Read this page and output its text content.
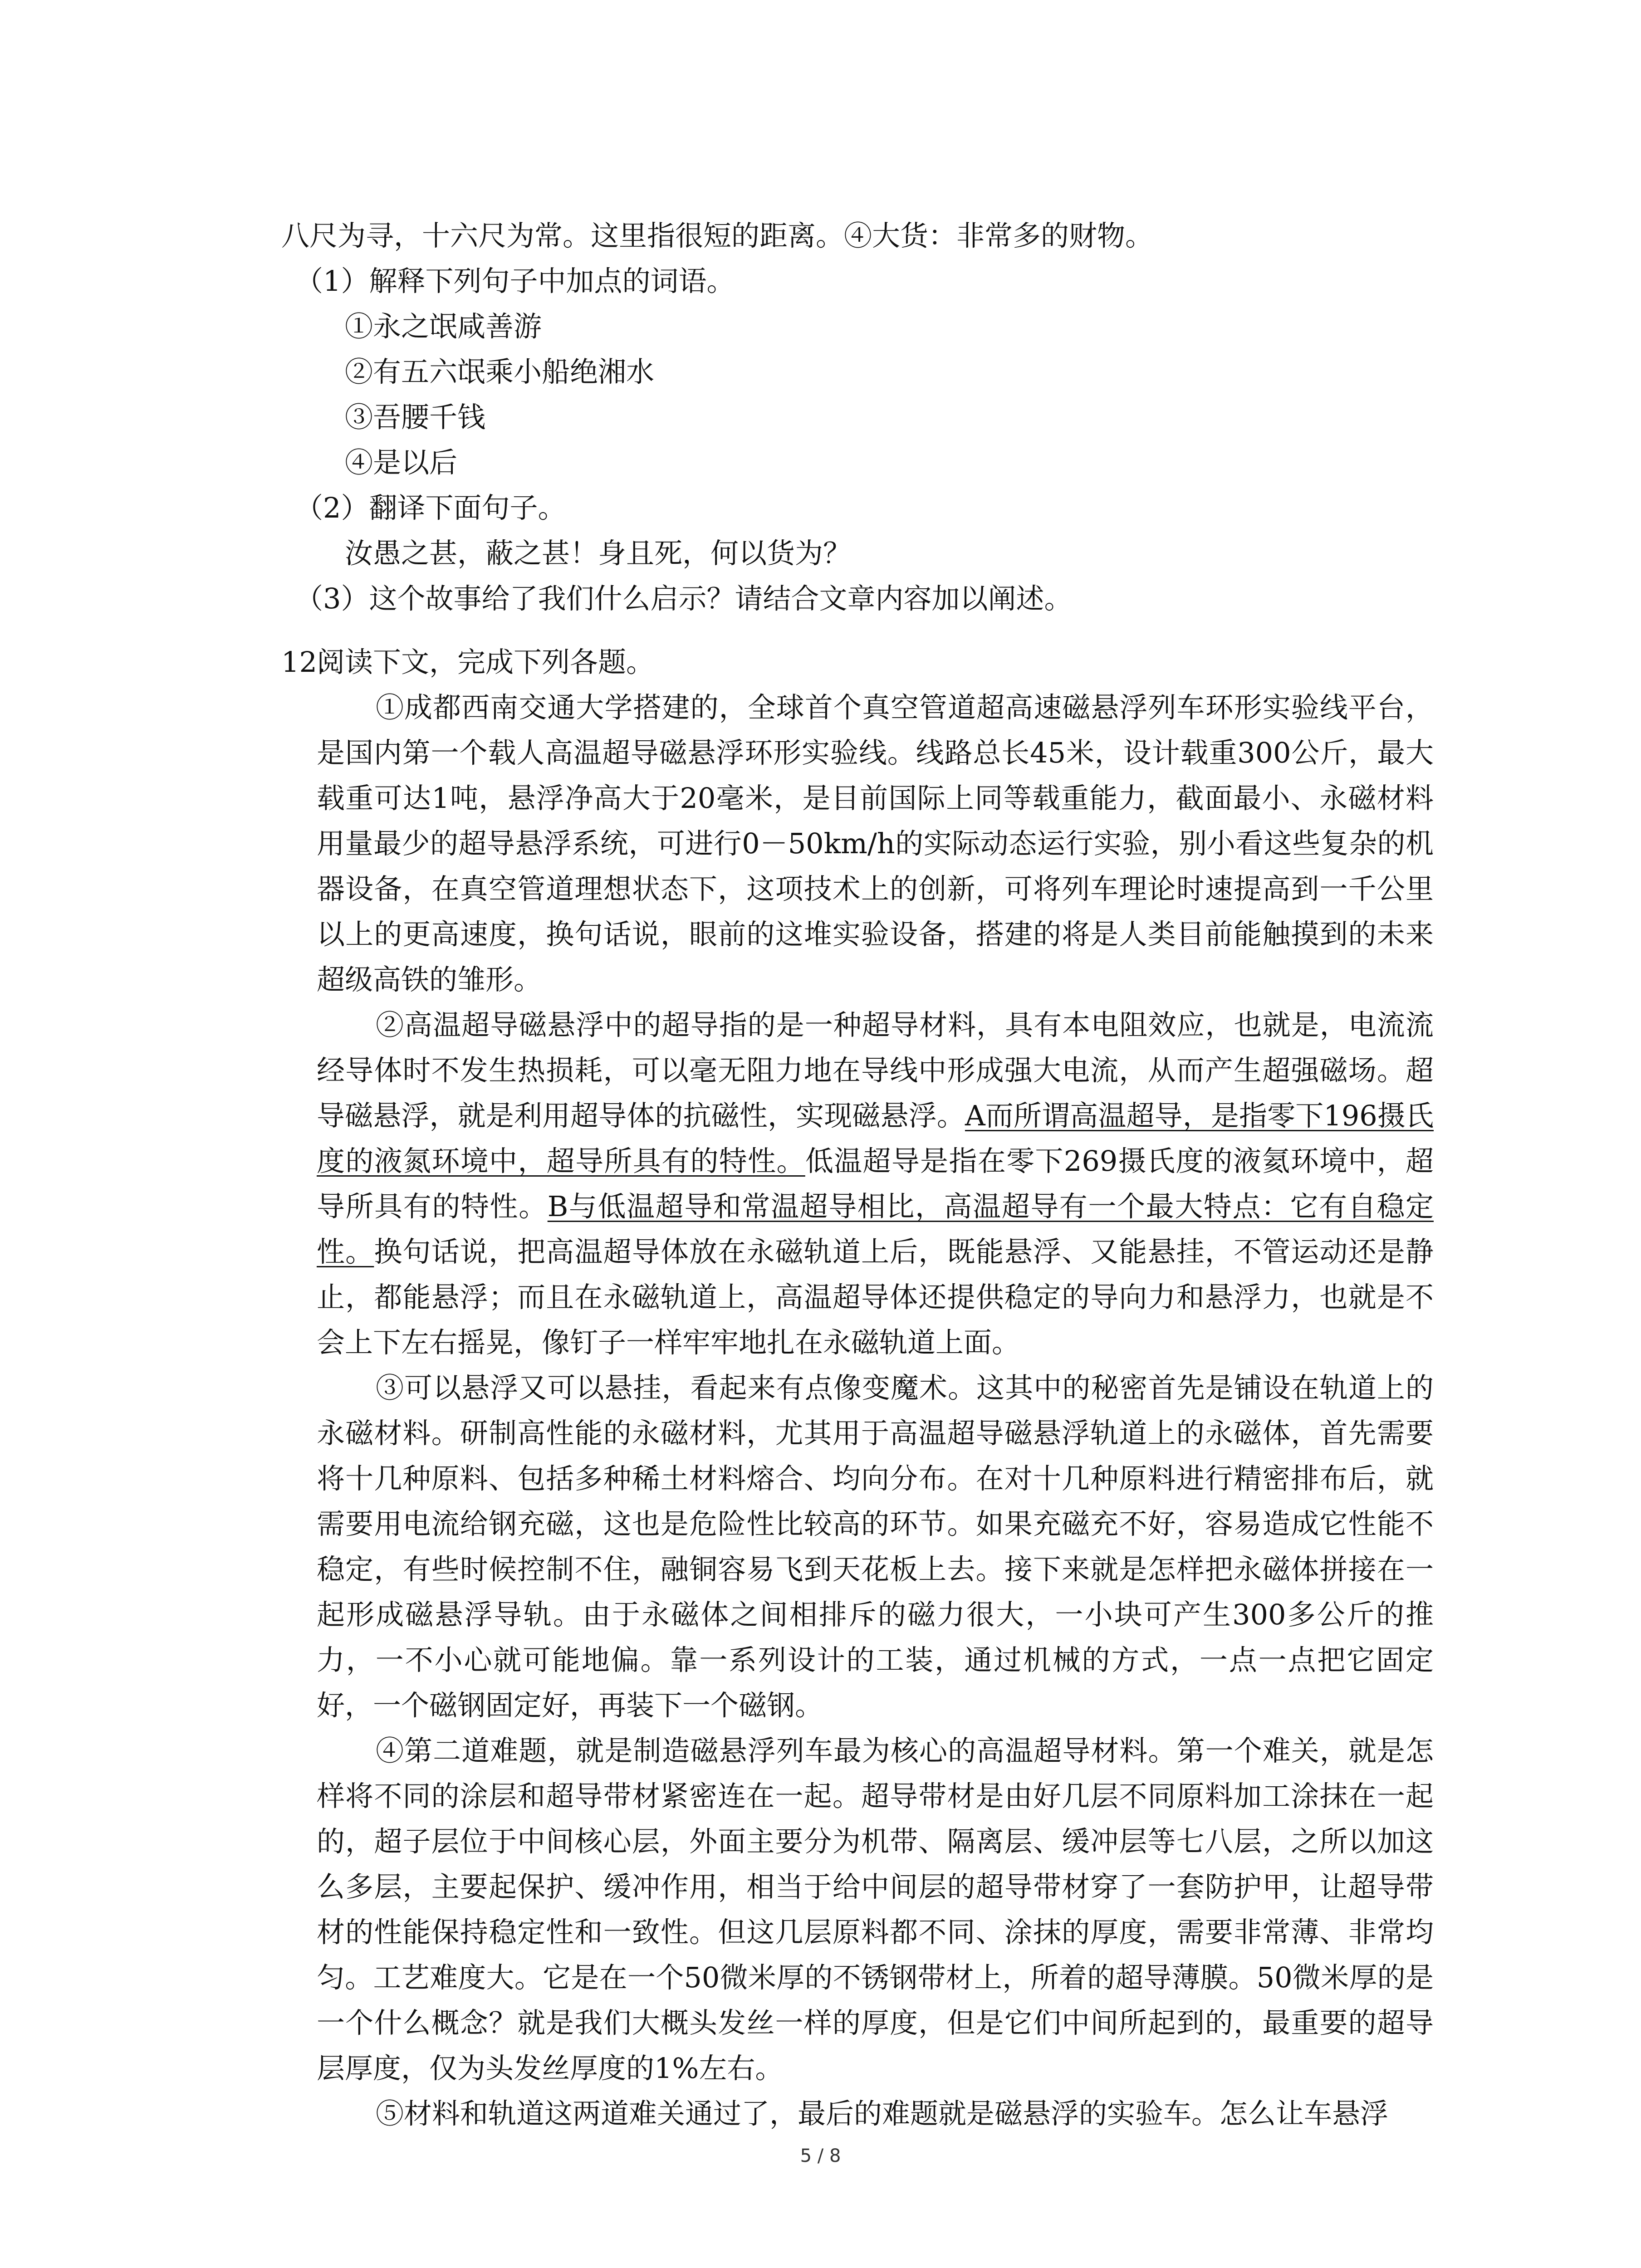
八尺为寻，十六尺为常。这里指很短的距离。④大货：非常多的财物。

（1）解释下列句子中加点的词语。

①永之氓咸善游

②有五六氓乘小船绝湘水

③吾腰千钱

④是以后

（2）翻译下面句子。

汝愚之甚，蔽之甚！身且死，何以货为？

（3）这个故事给了我们什么启示？请结合文章内容加以阐述。

12.阅读下文，完成下列各题。

①成都西南交通大学搭建的，全球首个真空管道超高速磁悬浮列车环形实验线平台，是国内第一个载人高温超导磁悬浮环形实验线。线路总长45米，设计载重300公斤，最大载重可达1吨，悬浮净高大于20毫米，是目前国际上同等载重能力，截面最小、永磁材料用量最少的超导悬浮系统，可进行0－50km/h的实际动态运行实验，别小看这些复杂的机器设备，在真空管道理想状态下，这项技术上的创新，可将列车理论时速提高到一千公里以上的更高速度，换句话说，眼前的这堆实验设备，搭建的将是人类目前能触摸到的未来超级高铁的雏形。

②高温超导磁悬浮中的超导指的是一种超导材料，具有本电阻效应，也就是，电流流经导体时不发生热损耗，可以毫无阻力地在导线中形成强大电流，从而产生超强磁场。超导磁悬浮，就是利用超导体的抗磁性，实现磁悬浮。A而所谓高温超导，是指零下196摄氏度的液氮环境中，超导所具有的特性。低温超导是指在零下269摄氏度的液氦环境中，超导所具有的特性。B与低温超导和常温超导相比，高温超导有一个最大特点：它有自稳定性。换句话说，把高温超导体放在永磁轨道上后，既能悬浮、又能悬挂，不管运动还是静止，都能悬浮；而且在永磁轨道上，高温超导体还提供稳定的导向力和悬浮力，也就是不会上下左右摇晃，像钉子一样牢牢地扎在永磁轨道上面。

③可以悬浮又可以悬挂，看起来有点像变魔术。这其中的秘密首先是铺设在轨道上的永磁材料。研制高性能的永磁材料，尤其用于高温超导磁悬浮轨道上的永磁体，首先需要将十几种原料、包括多种稀土材料熔合、均向分布。在对十几种原料进行精密排布后，就需要用电流给钢充磁，这也是危险性比较高的环节。如果充磁充不好，容易造成它性能不稳定，有些时候控制不住，融铜容易飞到天花板上去。接下来就是怎样把永磁体拼接在一起形成磁悬浮导轨。由于永磁体之间相排斥的磁力很大，一小块可产生300多公斤的推力，一不小心就可能地偏。靠一系列设计的工装，通过机械的方式，一点一点把它固定好，一个磁钢固定好，再装下一个磁钢。

④第二道难题，就是制造磁悬浮列车最为核心的高温超导材料。第一个难关，就是怎样将不同的涂层和超导带材紧密连在一起。超导带材是由好几层不同原料加工涂抹在一起的，超子层位于中间核心层，外面主要分为机带、隔离层、缓冲层等七八层，之所以加这么多层，主要起保护、缓冲作用，相当于给中间层的超导带材穿了一套防护甲，让超导带材的性能保持稳定性和一致性。但这几层原料都不同、涂抹的厚度，需要非常薄、非常均匀。工艺难度大。它是在一个50微米厚的不锈钢带材上，所着的超导薄膜。50微米厚的是一个什么概念？就是我们大概头发丝一样的厚度，但是它们中间所起到的，最重要的超导层厚度，仅为头发丝厚度的1%左右。

⑤材料和轨道这两道难关通过了，最后的难题就是磁悬浮的实验车。怎么让车悬浮

5 / 8
